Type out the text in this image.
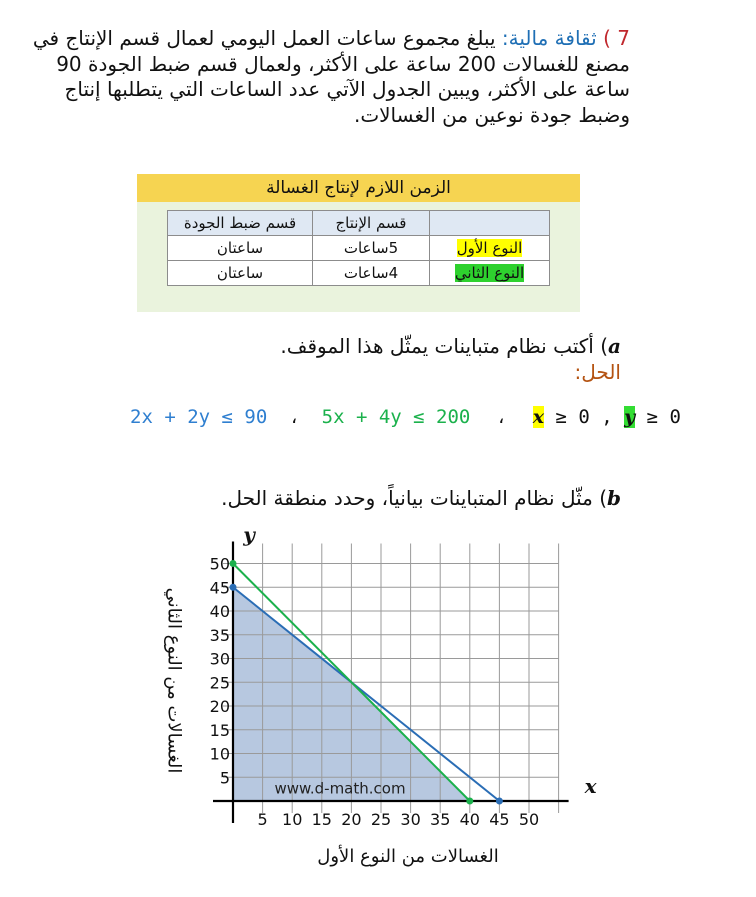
7 ) ثقافة مالية: يبلغ مجموع ساعات العمل اليومي لعمال قسم الإنتاج في مصنع للغسالات 200 ساعة على الأكثر، ولعمال قسم ضبط الجودة 90 ساعة على الأكثر، ويبين الجدول الآتي عدد الساعات التي يتطلبها إنتاج وضبط جودة نوعين من الغسالات.
الزمن اللازم لإنتاج الغسالة
	قسم الإنتاج	قسم ضبط الجودة
النوع الأول	5ساعات	ساعتان
النوع الثاني	4ساعات	ساعتان
a) أكتب نظام متباينات يمثّل هذا الموقف.
الحل:
2x + 2y ≤ 90 ، 5x + 4y ≤ 200 ، x ≥ 0 , y ≥ 0
b) مثّل نظام المتباينات بيانياً، وحدد منطقة الحل.
5 10 15 20 25 30 35 40 45 50
5
10
15
20
25
30
35
40
45
50
x
y
www.d-math.com
الغسالات من النوع الثاني
الغسالات من النوع الأول
